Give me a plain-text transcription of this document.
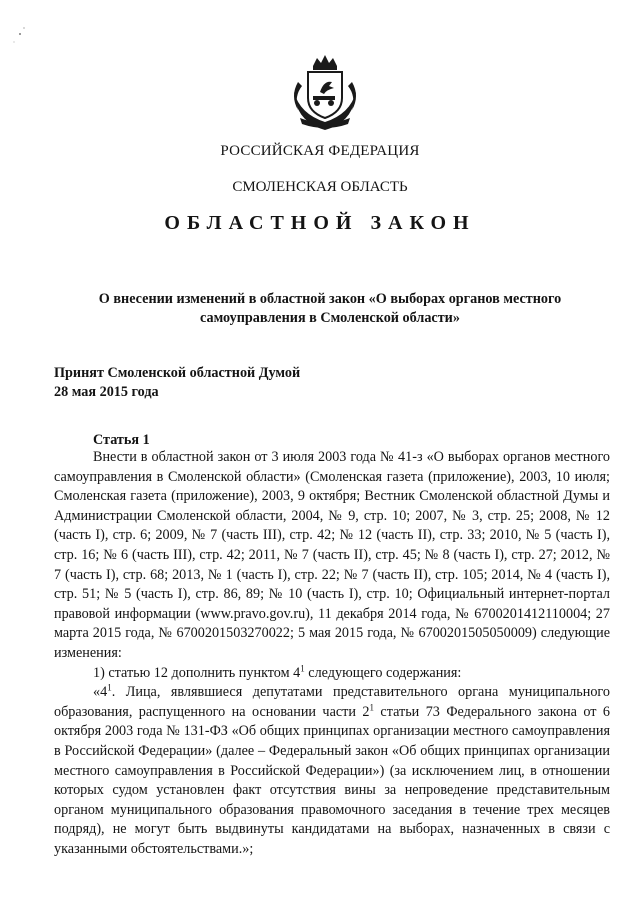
РОССИЙСКАЯ ФЕДЕРАЦИЯ
СМОЛЕНСКАЯ ОБЛАСТЬ
ОБЛАСТНОЙ ЗАКОН
О внесении изменений в областной закон «О выборах органов местного самоуправления в Смоленской области»
Принят Смоленской областной Думой
28 мая 2015 года
Статья 1

Внести в областной закон от 3 июля 2003 года № 41-з «О выборах органов местного самоуправления в Смоленской области» (Смоленская газета (приложение), 2003, 10 июля; Смоленская газета (приложение), 2003, 9 октября; Вестник Смоленской областной Думы и Администрации Смоленской области, 2004, № 9, стр. 10; 2007, № 3, стр. 25; 2008, № 12 (часть I), стр. 6; 2009, № 7 (часть III), стр. 42; № 12 (часть II), стр. 33; 2010, № 5 (часть I), стр. 16; № 6 (часть III), стр. 42; 2011, № 7 (часть II), стр. 45; № 8 (часть I), стр. 27; 2012, № 7 (часть I), стр. 68; 2013, № 1 (часть I), стр. 22; № 7 (часть II), стр. 105; 2014, № 4 (часть I), стр. 51; № 5 (часть I), стр. 86, 89; № 10 (часть I), стр. 10; Официальный интернет-портал правовой информации (www.pravo.gov.ru), 11 декабря 2014 года, № 6700201412110004; 27 марта 2015 года, № 6700201503270022; 5 мая 2015 года, № 6700201505050009) следующие изменения:

1) статью 12 дополнить пунктом $4^1$ следующего содержания:

«$4^1$. Лица, являвшиеся депутатами представительного органа муниципального образования, распущенного на основании части $2^1$ статьи 73 Федерального закона от 6 октября 2003 года № 131-ФЗ «Об общих принципах организации местного самоуправления в Российской Федерации» (далее – Федеральный закон «Об общих принципах организации местного самоуправления в Российской Федерации») (за исключением лиц, в отношении которых судом установлен факт отсутствия вины за непроведение представительным органом муниципального образования правомочного заседания в течение трех месяцев подряд), не могут быть выдвинуты кандидатами на выборах, назначенных в связи с указанными обстоятельствами.»;
